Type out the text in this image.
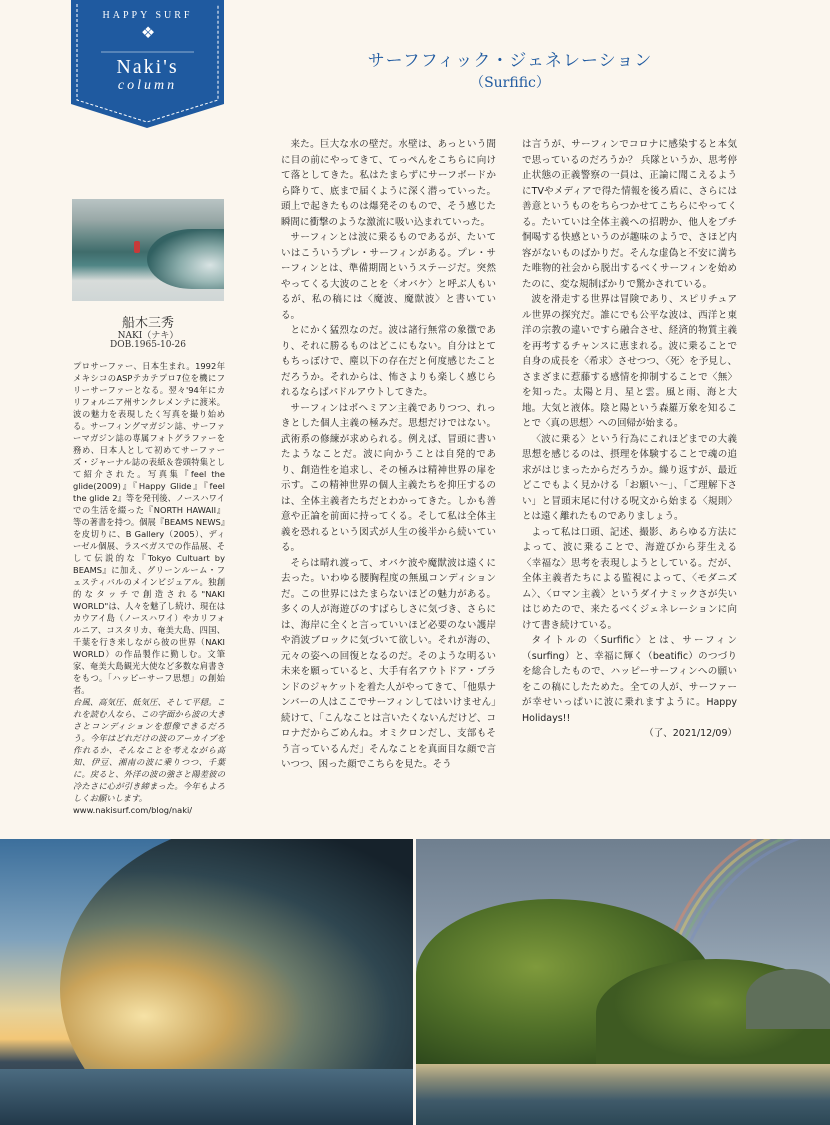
HAPPY SURF
❖
Naki's
column
サーフフィック・ジェネレーション
（Surfific）
船木三秀
NAKI（ナキ）
DOB.1965-10-26
プロサーファー、日本生まれ。1992年メキシコのASPテカテプロ7位を機にフリーサーファーとなる。翌々'94年にカリフォルニア州サンクレメンテに渡米。波の魅力を表現したく写真を撮り始める。サーフィングマガジン誌、サーファーマガジン誌の専属フォトグラファーを務め、日本人として初めてサーファーズ・ジャーナル誌の表紙＆巻頭特集として紹介された。写真集『feel the glide(2009)』『Happy Glide』『feel the glide 2』等を発刊後、ノースハワイでの生活を綴った『NORTH HAWAII』等の著書を持つ。個展『BEAMS NEWS』を皮切りに、B Gallery（2005）、ディーゼル個展、ラスベガスでの作品展、そして伝説的な『Tokyo Cultuart by BEAMS』に加え、グリーンルーム・フェスティバルのメインビジュアル。独創的なタッチで創造される"NAKI WORLD"は、人々を魅了し続け、現在はカウアイ島（ノースハワイ）やカリフォルニア、コスタリカ、奄美大島、四国、千葉を行き来しながら彼の世界（NAKI WORLD）の作品製作に勤しむ。文筆家、奄美大島観光大使など多数な肩書きをもつ。「ハッピーサーフ思想」の創始者。
台風、高気圧、低気圧、そして平穏。これを読む人なら、この字面から波の大きさとコンディションを想像できるだろう。今年はどれだけの波のアーカイブを作れるか、そんなことを考えながら高知、伊豆、湘南の波に乗りつつ、千葉に。戻ると、外洋の波の強さと陽差彼の冷たさに心が引き締まった。今年もよろしくお願いします。
www.nakisurf.com/blog/naki/

来た。巨大な水の壁だ。水壁は、あっという間に目の前にやってきて、てっぺんをこちらに向けて落としてきた。私はたまらずにサーフボードから降りて、底まで届くように深く潜っていった。頭上で起きたものは爆発そのもので、そう感じた瞬間に衝撃のような激流に吸い込まれていった。

サーフィンとは波に乗るものであるが、たいていはこういうプレ・サーフィンがある。プレ・サーフィンとは、準備期間というステージだ。突然やってくる大波のことを〈オバケ〉と呼ぶ人もいるが、私の稿には〈魔波、魔獣波〉と書いている。

とにかく猛烈なのだ。波は諸行無常の象徴であり、それに勝るものはどこにもない。自分はとてもちっぽけで、塵以下の存在だと何度感じたことだろうか。それからは、怖さよりも楽しく感じられるならばパドルアウトしてきた。

サーフィンはボヘミアン主義でありつつ、れっきとした個人主義の極みだ。思想だけではない。武術系の修練が求められる。例えば、冒頭に書いたようなことだ。波に向かうことは自発的であり、創造性を追求し、その極みは精神世界の扉を示す。この精神世界の個人主義たちを抑圧するのは、全体主義者たちだとわかってきた。しかも善意や正論を前面に持ってくる。そして私は全体主義を恐れるという図式が人生の後半から続いている。

そらは晴れ渡って、オバケ波や魔獣波は遠くに去った。いわゆる腰胸程度の無風コンディションだ。この世界にはたまらないほどの魅力がある。多くの人が海遊びのすばらしさに気づき、さらには、海岸に全くと言っていいほど必要のない護岸や消波ブロックに気づいて欲しい。それが海の、元々の姿への回復となるのだ。そのような明るい未来を願っていると、大手有名アウトドア・ブランドのジャケットを着た人がやってきて、「他県ナンバーの人はここでサーフィンしてはいけません」続けて、「こんなことは言いたくないんだけど、コロナだからごめんね。オミクロンだし、支部もそう言っているんだ」そんなことを真面目な顔で言いつつ、困った顔でこちらを見た。そう

は言うが、サーフィンでコロナに感染すると本気で思っているのだろうか？ 兵隊というか、思考停止状態の正義警察の一員は、正論に聞こえるようにTVやメディアで得た情報を後ろ盾に、さらには善意というものをちらつかせてこちらにやってくる。たいていは全体主義への招聘か、他人をブチ恫喝する快感というのが趣味のようで、さほど内容がないものばかりだ。そんな虚偽と不安に満ちた唯物的社会から脱出するべくサーフィンを始めたのに、変な規制ばかりで驚かされている。

波を滑走する世界は冒険であり、スピリチュアル世界の探究だ。誰にでも公平な波は、西洋と東洋の宗教の違いですら融合させ、経済的物質主義を再考するチャンスに恵まれる。波に乗ることで自身の成長を〈希求〉させつつ、〈死〉を予見し、さまざまに惹藤する感情を抑制することで〈無〉を知った。太陽と月、星と雲。風と雨、海と大地。大気と液体。陰と陽という森羅万象を知ることで〈真の思想〉への回帰が始まる。

〈波に乗る〉という行為にこれほどまでの大義思想を感じるのは、摂理を体験することで魂の追求がはじまったからだろうか。繰り返すが、最近どこでもよく見かける「お願い〜」、「ご理解下さい」と冒頭末尾に付ける呪文から始まる〈規則〉とは遠く離れたものでありましょう。

よって私は口頭、記述、撮影、あらゆる方法によって、波に乗ることで、海遊びから芽生える〈幸福な〉思考を表現しようとしている。だが、全体主義者たちによる監視によって、〈モダニズム〉、〈ロマン主義〉というダイナミックさが失いはじめたので、来たるべくジェネレーションに向けて書き続けている。

タイトルの〈Surfific〉とは、サーフィン（surfing）と、幸福に輝く（beatific）のつづりを総合したもので、ハッピーサーフィンへの願いをこの稿にしたためた。全ての人が、サーファーが幸せいっぱいに波に乗れますように。Happy Holidays!!

（了、2021/12/09）
